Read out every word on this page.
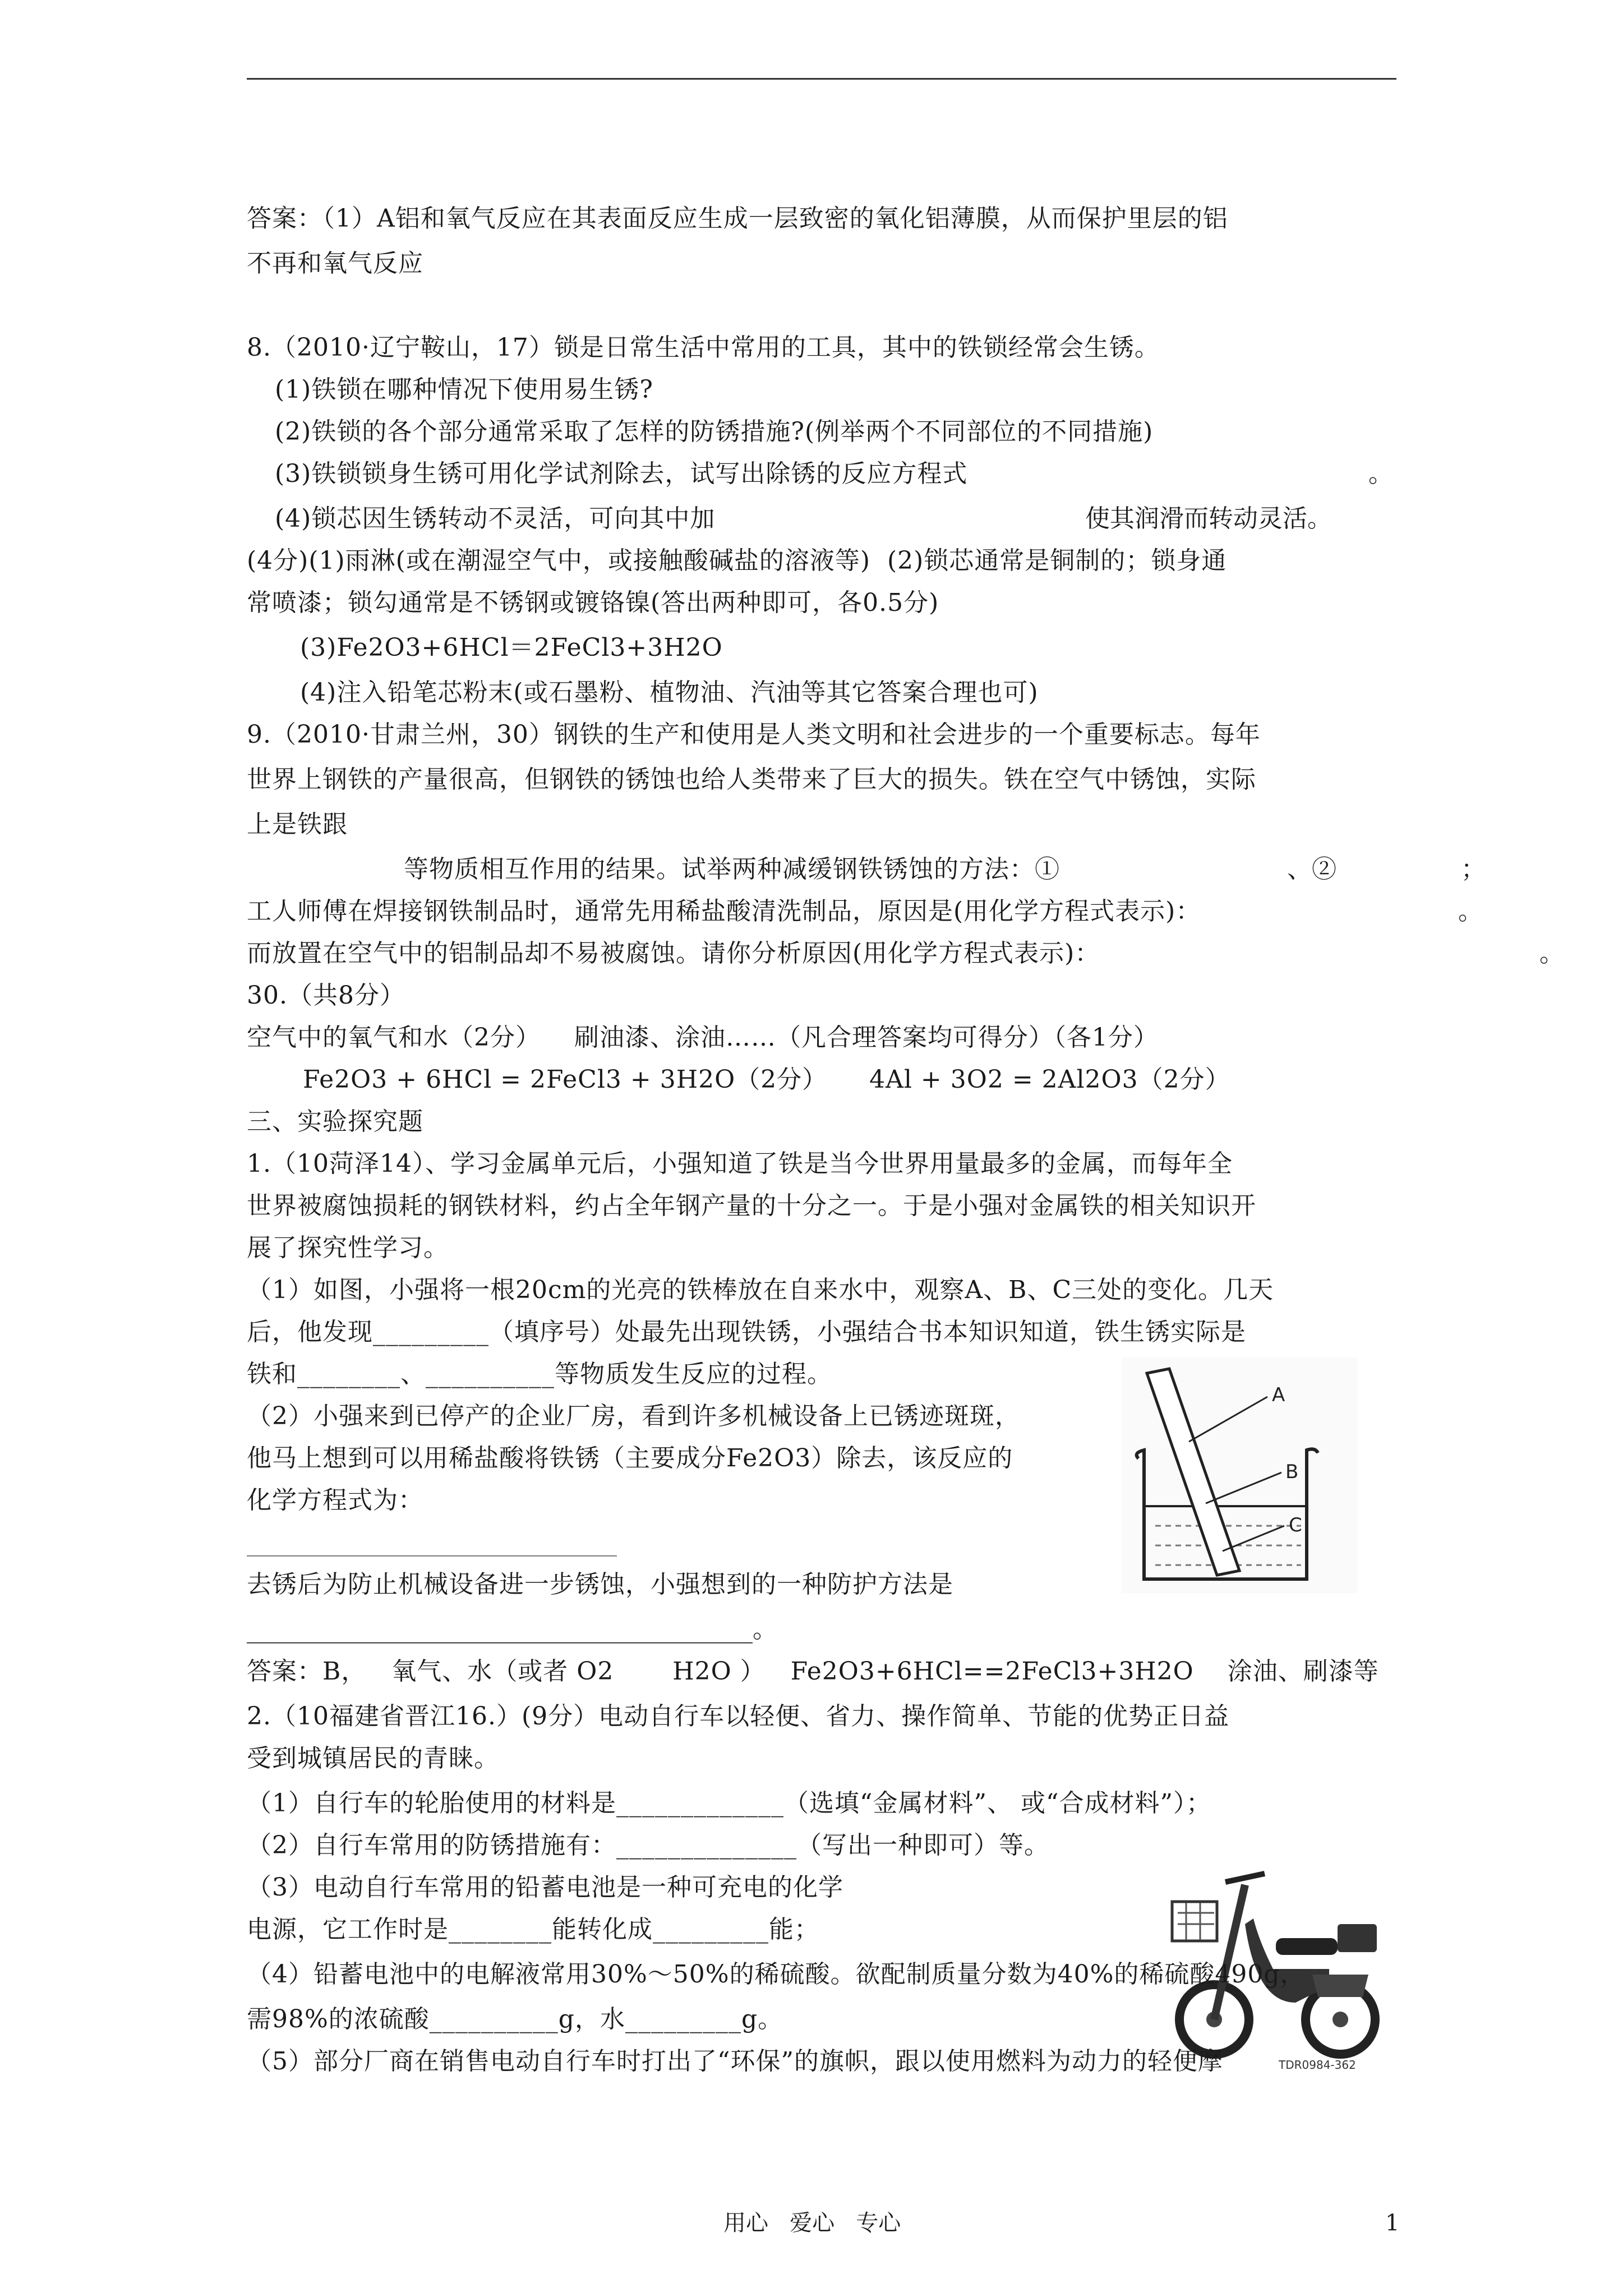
答案：（1）A铝和氧气反应在其表面反应生成一层致密的氧化铝薄膜，从而保护里层的铝
不再和氧气反应
8.（2010·辽宁鞍山，17）锁是日常生活中常用的工具，其中的铁锁经常会生锈。
(1)铁锁在哪种情况下使用易生锈?
(2)铁锁的各个部分通常采取了怎样的防锈措施?(例举两个不同部位的不同措施)
(3)铁锁锁身生锈可用化学试剂除去，试写出除锈的反应方程式	。
(4)锁芯因生锈转动不灵活，可向其中加	使其润滑而转动灵活。
(4分)(1)雨淋(或在潮湿空气中，或接触酸碱盐的溶液等)  (2)锁芯通常是铜制的；锁身通
常喷漆；锁勾通常是不锈钢或镀铬镍(答出两种即可，各0.5分)
(3)Fe2O3+6HCl＝2FeCl3+3H2O
(4)注入铅笔芯粉末(或石墨粉、植物油、汽油等其它答案合理也可)
9.（2010·甘肃兰州，30）钢铁的生产和使用是人类文明和社会进步的一个重要标志。每年
世界上钢铁的产量很高，但钢铁的锈蚀也给人类带来了巨大的损失。铁在空气中锈蚀，实际
上是铁跟
等物质相互作用的结果。试举两种减缓钢铁锈蚀的方法：①	、②	；
工人师傅在焊接钢铁制品时，通常先用稀盐酸清洗制品，原因是(用化学方程式表示)：	。
而放置在空气中的铝制品却不易被腐蚀。请你分析原因(用化学方程式表示)：	。
30.（共8分）
空气中的氧气和水（2分）    刷油漆、涂油……（凡合理答案均可得分）（各1分）
Fe2O3 + 6HCl = 2FeCl3 + 3H2O（2分）     4Al + 3O2 = 2Al2O3（2分）
三、实验探究题
1.（10菏泽14）、学习金属单元后，小强知道了铁是当今世界用量最多的金属，而每年全
世界被腐蚀损耗的钢铁材料，约占全年钢产量的十分之一。于是小强对金属铁的相关知识开
展了探究性学习。
（1）如图，小强将一根20cm的光亮的铁棒放在自来水中，观察A、B、C三处的变化。几天
后，他发现_________（填序号）处最先出现铁锈，小强结合书本知识知道，铁生锈实际是
铁和________、__________等物质发生反应的过程。
（2）小强来到已停产的企业厂房，看到许多机械设备上已锈迹斑斑，
他马上想到可以用稀盐酸将铁锈（主要成分Fe2O3）除去，该反应的
化学方程式为：
______________________________
去锈后为防止机械设备进一步锈蚀，小强想到的一种防护方法是
_________________________________________。
答案：B，   氧气、水（或者 O2       H2O ）   Fe2O3+6HCl==2FeCl3+3H2O    涂油、刷漆等
A
B
C
2.（10福建省晋江16.）(9分）电动自行车以轻便、省力、操作简单、节能的优势正日益
受到城镇居民的青睐。
（1）自行车的轮胎使用的材料是_____________（选填“金属材料”、 或“合成材料”）；
（2）自行车常用的防锈措施有：______________（写出一种即可）等。
（3）电动自行车常用的铅蓄电池是一种可充电的化学
电源，它工作时是________能转化成_________能；
TDR0984-362
（4）铅蓄电池中的电解液常用30%～50%的稀硫酸。欲配制质量分数为40%的稀硫酸490g，
需98%的浓硫酸__________g，水_________g。
（5）部分厂商在销售电动自行车时打出了“环保”的旗帜，跟以使用燃料为动力的轻便摩
用心   爱心   专心	1
